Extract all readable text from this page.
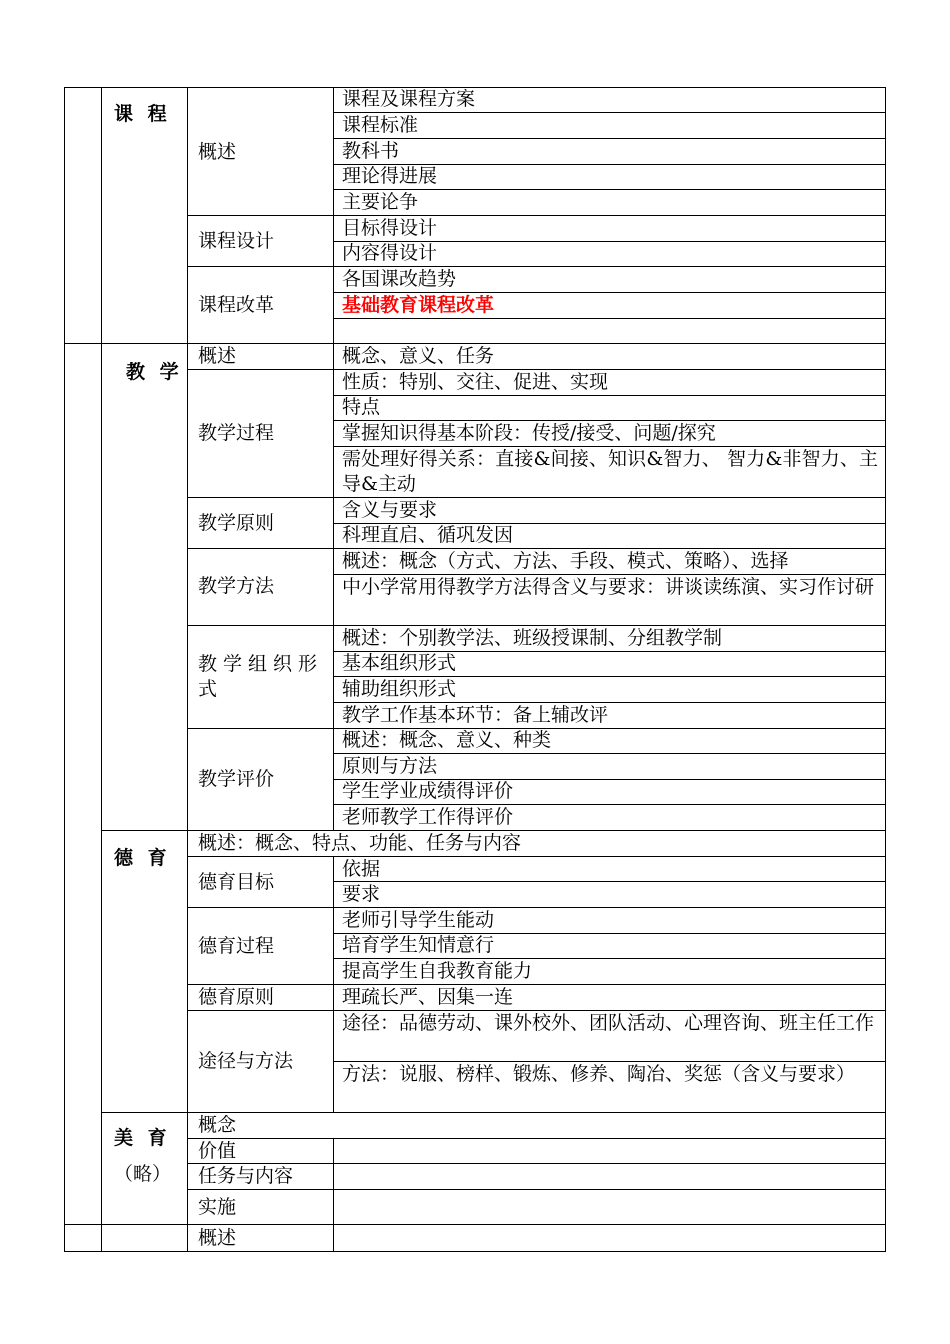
课 程
概述
课程及课程方案
课程标准
教科书
理论得进展
主要论争
课程设计
目标得设计
内容得设计
课程改革
各国课改趋势
基础教育课程改革
教 学
概述	概念、意义、任务
教学过程
性质：特别、交往、促进、实现
特点
掌握知识得基本阶段：传授/接受、问题/探究
需处理好得关系：直接&间接、知识&智力、 智力&非智力、主导&主动
教学原则
含义与要求
科理直启、循巩发因
教学方法
概述：概念（方式、方法、手段、模式、策略）、选择
中小学常用得教学方法得含义与要求：讲谈读练演、实习作讨研
教学组织形式
概述：个别教学法、班级授课制、分组教学制
基本组织形式
辅助组织形式
教学工作基本环节：备上辅改评
教学评价
概述：概念、意义、种类
原则与方法
学生学业成绩得评价
老师教学工作得评价
德 育
概述：概念、特点、功能、任务与内容
德育目标
依据
要求
德育过程
老师引导学生能动
培育学生知情意行
提高学生自我教育能力
德育原则	理疏长严、因集一连
途径与方法
途径：品德劳动、课外校外、团队活动、心理咨询、班主任工作
方法：说服、榜样、锻炼、修养、陶冶、奖惩（含义与要求）
美 育
（略）
概念
价值
任务与内容
实施
概述
